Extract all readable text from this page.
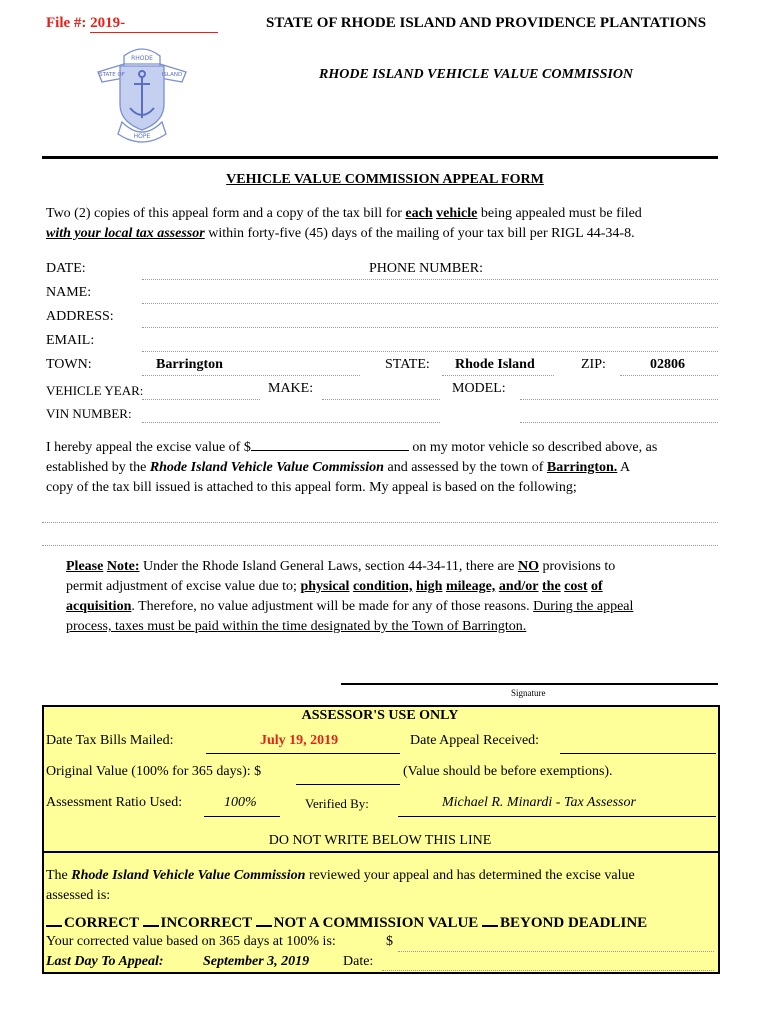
File #: 2019-	STATE OF RHODE ISLAND AND PROVIDENCE PLANTATIONS
RHODE ISLAND VEHICLE VALUE COMMISSION
RHODE
STATE OF	ISLAND
HOPE
VEHICLE VALUE COMMISSION APPEAL FORM
Two (2) copies of this appeal form and a copy of the tax bill for each vehicle being appealed must be filed
with your local tax assessor within forty-five (45) days of the mailing of your tax bill per RIGL 44-34-8.
DATE:	PHONE NUMBER:
NAME:
ADDRESS:
EMAIL:
TOWN:	Barrington	STATE: Rhode Island	ZIP:	02806
VEHICLE YEAR:	MAKE:	MODEL:
VIN NUMBER:
I hereby appeal the excise value of $	on my motor vehicle so described above, as
established by the Rhode Island Vehicle Value Commission and assessed by the town of Barrington. A
copy of the tax bill issued is attached to this appeal form. My appeal is based on the following;
Please Note: Under the Rhode Island General Laws, section 44-34-11, there are NO provisions to
permit adjustment of excise value due to; physical condition, high mileage, and/or the cost of
acquisition. Therefore, no value adjustment will be made for any of those reasons. During the appeal
process, taxes must be paid within the time designated by the Town of Barrington.
Signature
ASSESSOR'S USE ONLY
Date Tax Bills Mailed:	July 19, 2019	Date Appeal Received:
Original Value (100% for 365 days): $	(Value should be before exemptions).
Assessment Ratio Used:	100%	Verified By:	Michael R. Minardi - Tax Assessor
DO NOT WRITE BELOW THIS LINE
The Rhode Island Vehicle Value Commission reviewed your appeal and has determined the excise value
assessed is:
CORRECT INCORRECT NOT A COMMISSION VALUE BEYOND DEADLINE
Your corrected value based on 365 days at 100% is:	$
Last Day To Appeal:	September 3, 2019 Date:
